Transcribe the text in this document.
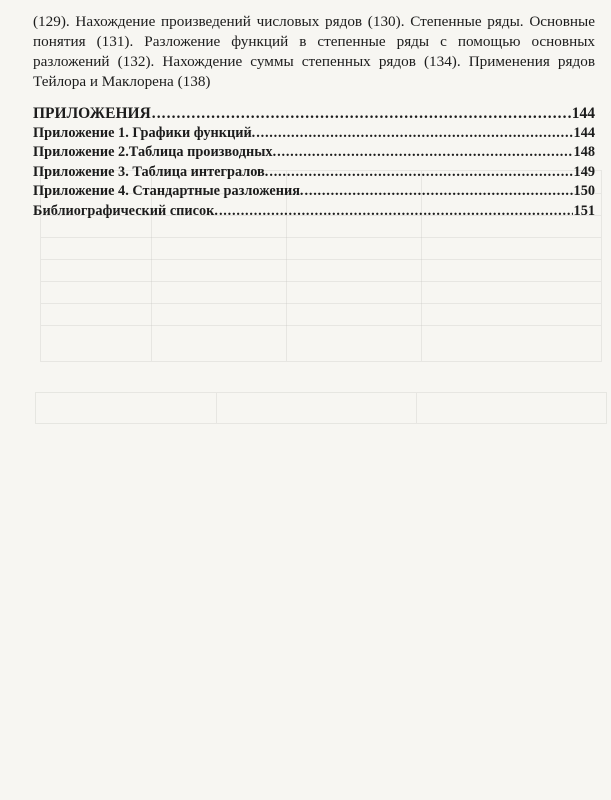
(129). Нахождение произведений числовых рядов (130). Степенные ряды. Основные понятия (131). Разложение функций в степенные ряды с помощью основных разложений (132). Нахождение суммы степенных рядов (134). Применения рядов Тейлора и Маклорена (138)

ПРИЛОЖЕНИЯ . . .	144
Приложение 1. Графики функций. . . .	144
Приложение 2.Таблица производных. . . .	148
Приложение 3. Таблица интегралов. . . .	149
Приложение 4. Стандартные разложения. . . .	150
Библиографический список. . . .	151
